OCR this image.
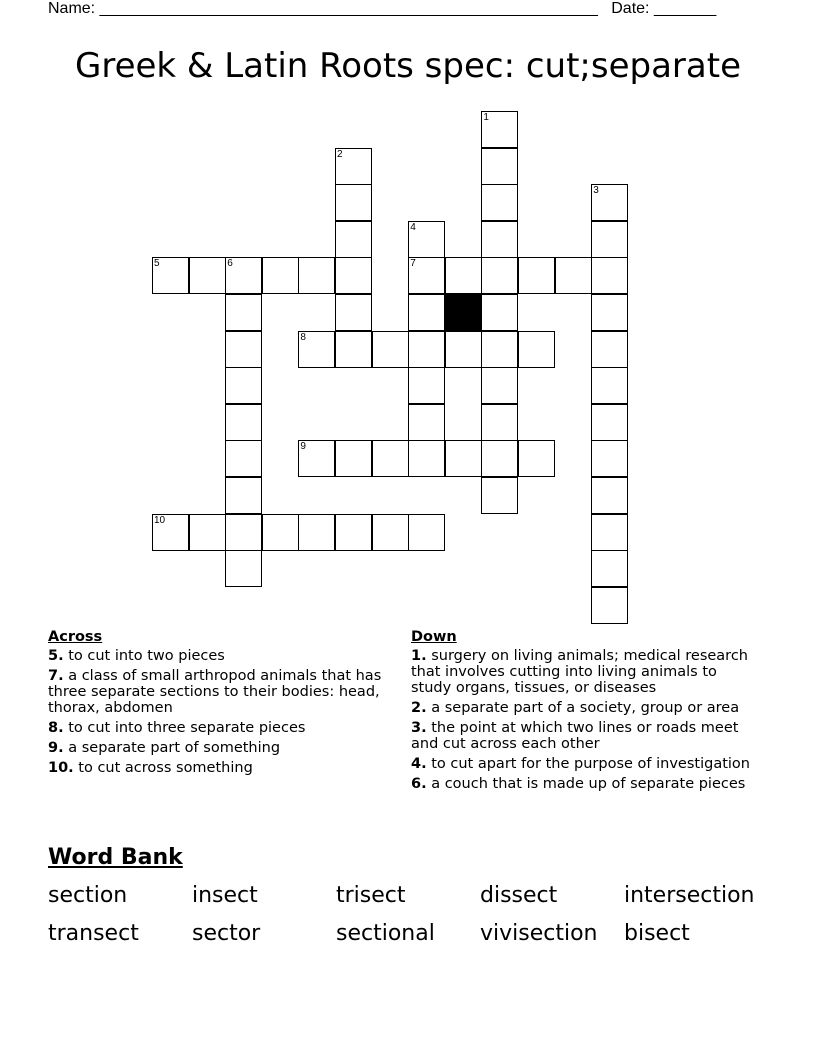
Name: ________________________________________________________ Date: _______
Greek & Latin Roots spec: cut;separate
1
2
3
4
7
5	6
8
9
10
Across
5. to cut into two pieces
7. a class of small arthropod animals that has three separate sections to their bodies: head, thorax, abdomen
8. to cut into three separate pieces
9. a separate part of something
10. to cut across something
Down
1. surgery on living animals; medical research that involves cutting into living animals to study organs, tissues, or diseases
2. a separate part of a society, group or area
3. the point at which two lines or roads meet and cut across each other
4. to cut apart for the purpose of investigation
6. a couch that is made up of separate pieces
Word Bank
section	insect	trisect	dissect	intersection
transect	sector	sectional	vivisection	bisect
